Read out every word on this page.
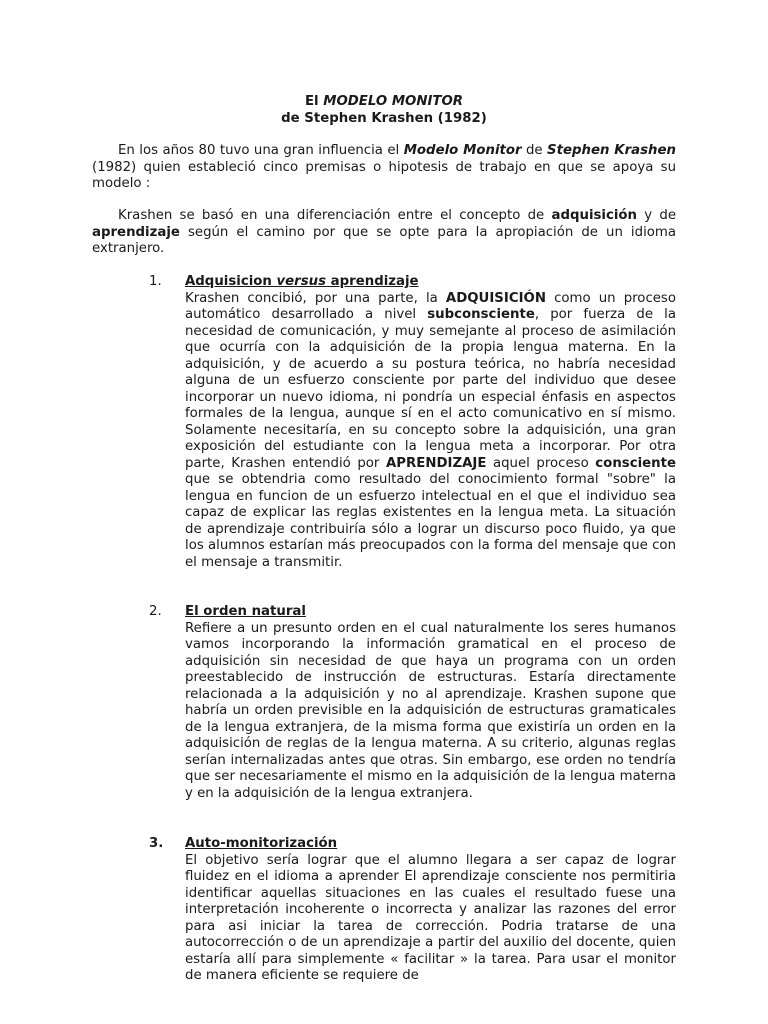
El MODELO MONITOR
de Stephen Krashen (1982)

En los años 80 tuvo una gran influencia el Modelo Monitor de Stephen Krashen (1982) quien estableció cinco premisas o hipotesis de trabajo en que se apoya su modelo :

Krashen se basó en una diferenciación entre el concepto de adquisición y de aprendizaje según el camino por que se opte para la apropiación de un idioma extranjero.

1. Adquisicion versus aprendizaje

Krashen concibió, por una parte, la ADQUISICIÓN como un proceso automático desarrollado a nivel subconsciente, por fuerza de la necesidad de comunicación, y muy semejante al proceso de asimilación que ocurría con la adquisición de la propia lengua materna. En la adquisición, y de acuerdo a su postura teórica, no habría necesidad alguna de un esfuerzo consciente por parte del individuo que desee incorporar un nuevo idioma, ni pondría un especial énfasis en aspectos formales de la lengua, aunque sí en el acto comunicativo en sí mismo. Solamente necesitaría, en su concepto sobre la adquisición, una gran exposición del estudiante con la lengua meta a incorporar. Por otra parte, Krashen entendió por APRENDIZAJE aquel proceso consciente que se obtendria como resultado del conocimiento formal "sobre" la lengua en funcion de un esfuerzo intelectual en el que el individuo sea capaz de explicar las reglas existentes en la lengua meta. La situación de aprendizaje contribuiría sólo a lograr un discurso poco fluido, ya que los alumnos estarían más preocupados con la forma del mensaje que con el mensaje a transmitir.

2. El orden natural

Refiere a un presunto orden en el cual naturalmente los seres humanos vamos incorporando la información gramatical en el proceso de adquisición sin necesidad de que haya un programa con un orden preestablecido de instrucción de estructuras. Estaría directamente relacionada a la adquisición y no al aprendizaje. Krashen supone que habría un orden previsible en la adquisición de estructuras gramaticales de la lengua extranjera, de la misma forma que existiría un orden en la adquisición de reglas de la lengua materna. A su criterio, algunas reglas serían internalizadas antes que otras. Sin embargo, ese orden no tendría que ser necesariamente el mismo en la adquisición de la lengua materna y en la adquisición de la lengua extranjera.

3. Auto-monitorización

El objetivo sería lograr que el alumno llegara a ser capaz de lograr fluidez en el idioma a aprender El aprendizaje consciente nos permitiria identificar aquellas situaciones en las cuales el resultado fuese una interpretación incoherente o incorrecta y analizar las razones del error para asi iniciar la tarea de corrección. Podria tratarse de una autocorrección o de un aprendizaje a partir del auxilio del docente, quien estaría allí para simplemente « facilitar » la tarea. Para usar el monitor de manera eficiente se requiere de
